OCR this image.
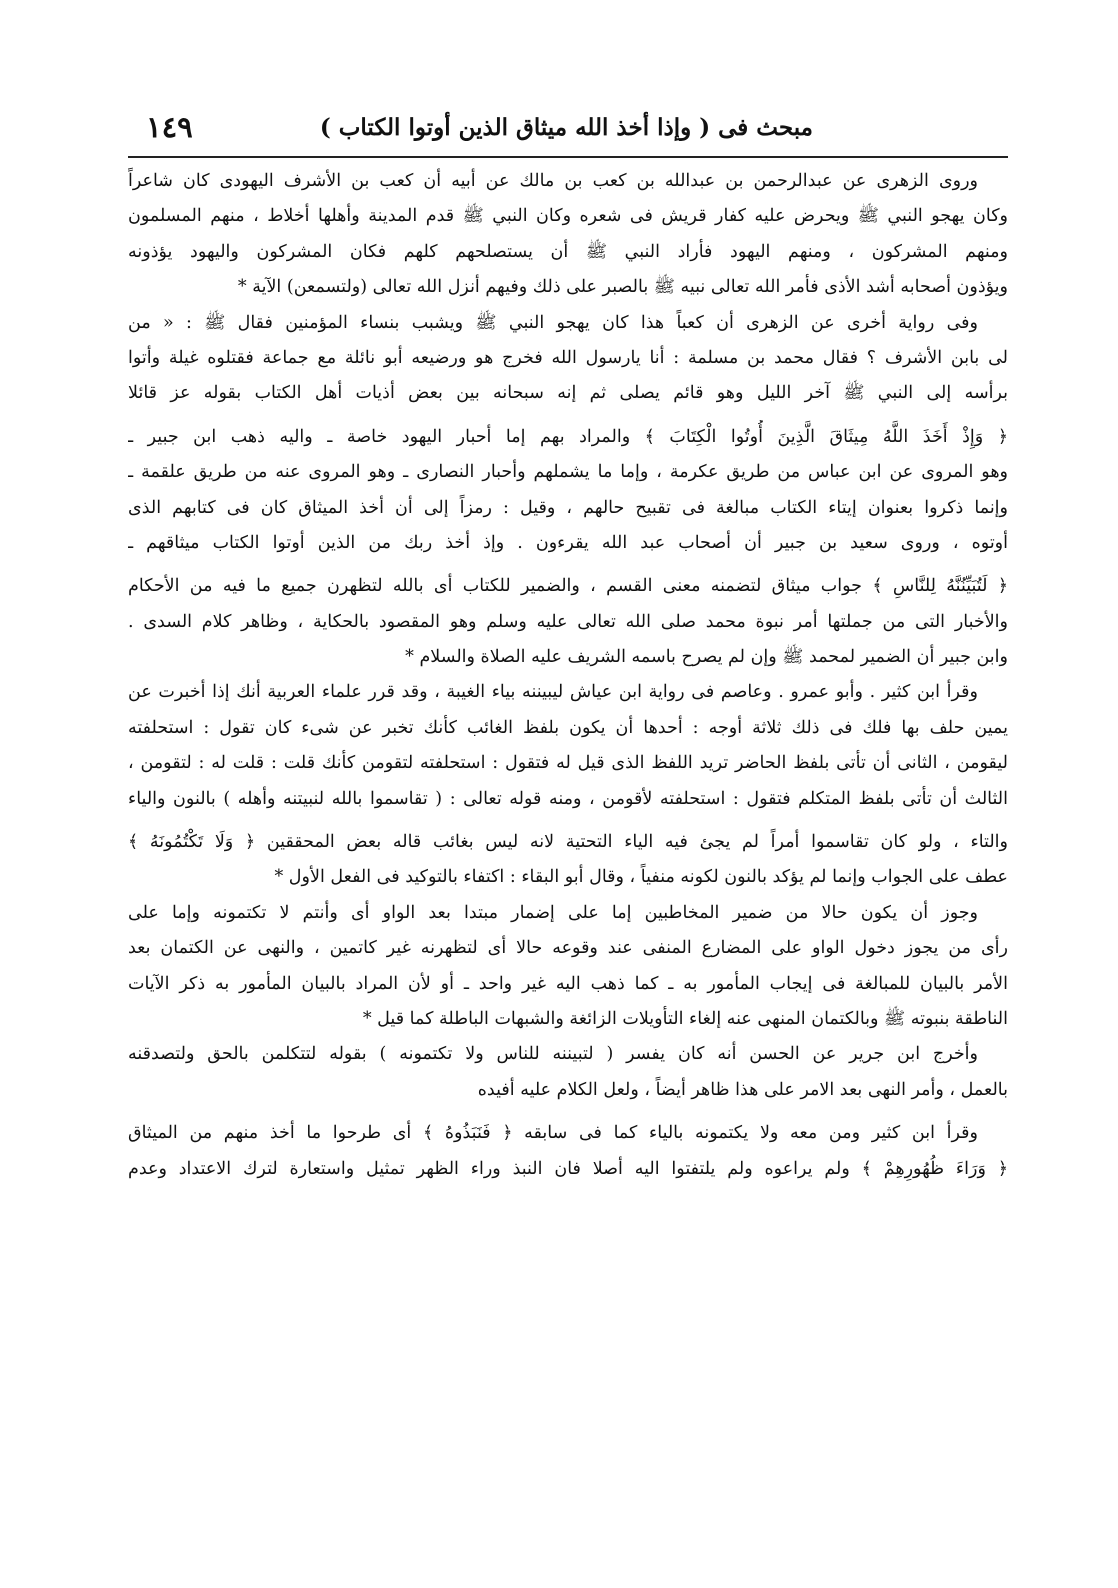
مبحث فى ( وإذا أخذ الله ميثاق الذين أوتوا الكتاب )
١٤٩
وروى الزهرى عن عبدالرحمن بن عبدالله بن كعب بن مالك عن أبيه أن كعب بن الأشرف اليهودى كان شاعراً
وكان يهجو النبي ﷺ ويحرض عليه كفار قريش فى شعره وكان النبي ﷺ قدم المدينة وأهلها أخلاط ، منهم المسلمون
ومنهم المشركون ، ومنهم اليهود فأراد النبي ﷺ أن يستصلحهم كلهم فكان المشركون واليهود يؤذونه
ويؤذون أصحابه أشد الأذى فأمر الله تعالى نبيه ﷺ بالصبر على ذلك وفيهم أنزل الله تعالى (ولتسمعن) الآية *
وفى رواية أخرى عن الزهرى أن كعباً هذا كان يهجو النبي ﷺ ويشبب بنساء المؤمنين فقال ﷺ : « من
لى بابن الأشرف ؟ فقال محمد بن مسلمة : أنا يارسول الله فخرج هو ورضيعه أبو نائلة مع جماعة فقتلوه غيلة وأتوا
برأسه إلى النبي ﷺ آخر الليل وهو قائم يصلى ثم إنه سبحانه بين بعض أذيات أهل الكتاب بقوله عز قائلا
﴿ وَإِذْ أَخَذَ اللَّهُ مِيثَاقَ الَّذِينَ أُوتُوا الْكِتَابَ ﴾ والمراد بهم إما أحبار اليهود خاصة ـ واليه ذهب ابن جبير ـ
وهو المروى عن ابن عباس من طريق عكرمة ، وإما ما يشملهم وأحبار النصارى ـ وهو المروى عنه من طريق علقمة ـ
وإنما ذكروا بعنوان إيتاء الكتاب مبالغة فى تقبيح حالهم ، وقيل : رمزاً إلى أن أخذ الميثاق كان فى كتابهم الذى
أوتوه ، وروى سعيد بن جبير أن أصحاب عبد الله يقرءون . وإذ أخذ ربك من الذين أوتوا الكتاب ميثاقهم ـ
﴿ لَتُبَيِّنُنَّهُ لِلنَّاسِ ﴾ جواب ميثاق لتضمنه معنى القسم ، والضمير للكتاب أى بالله لتظهرن جميع ما فيه من الأحكام
والأخبار التى من جملتها أمر نبوة محمد صلى الله تعالى عليه وسلم وهو المقصود بالحكاية ، وظاهر كلام السدى .
وابن جبير أن الضمير لمحمد ﷺ وإن لم يصرح باسمه الشريف عليه الصلاة والسلام *
وقرأ ابن كثير . وأبو عمرو . وعاصم فى رواية ابن عياش ليبيننه بياء الغيبة ، وقد قرر علماء العربية أنك إذا أخبرت عن
يمين حلف بها فلك فى ذلك ثلاثة أوجه : أحدها أن يكون بلفظ الغائب كأنك تخبر عن شىء كان تقول : استحلفته
ليقومن ، الثانى أن تأتى بلفظ الحاضر تريد اللفظ الذى قيل له فتقول : استحلفته لتقومن كأنك قلت : قلت له : لتقومن ،
الثالث أن تأتى بلفظ المتكلم فتقول : استحلفته لأقومن ، ومنه قوله تعالى : ( تقاسموا بالله لنبيتنه وأهله ) بالنون والياء
والتاء ، ولو كان تقاسموا أمراً لم يجئ فيه الياء التحتية لانه ليس بغائب قاله بعض المحققين ﴿ وَلَا تَكْتُمُونَهُ ﴾
عطف على الجواب وإنما لم يؤكد بالنون لكونه منفياً ، وقال أبو البقاء : اكتفاء بالتوكيد فى الفعل الأول *
وجوز أن يكون حالا من ضمير المخاطبين إما على إضمار مبتدا بعد الواو أى وأنتم لا تكتمونه وإما على
رأى من يجوز دخول الواو على المضارع المنفى عند وقوعه حالا أى لتظهرنه غير كاتمين ، والنهى عن الكتمان بعد
الأمر بالبيان للمبالغة فى إيجاب المأمور به ـ كما ذهب اليه غير واحد ـ أو لأن المراد بالبيان المأمور به ذكر الآيات
الناطقة بنبوته ﷺ وبالكتمان المنهى عنه إلغاء التأويلات الزائغة والشبهات الباطلة كما قيل *
وأخرج ابن جرير عن الحسن أنه كان يفسر ( لتبيننه للناس ولا تكتمونه ) بقوله لتتكلمن بالحق ولتصدقنه
بالعمل ، وأمر النهى بعد الامر على هذا ظاهر أيضاً ، ولعل الكلام عليه أفيده
وقرأ ابن كثير ومن معه ولا يكتمونه بالياء كما فى سابقه ﴿ فَنَبَذُوهُ ﴾ أى طرحوا ما أخذ منهم من الميثاق
﴿ وَرَاءَ ظُهُورِهِمْ ﴾ ولم يراعوه ولم يلتفتوا اليه أصلا فان النبذ وراء الظهر تمثيل واستعارة لترك الاعتداد وعدم
